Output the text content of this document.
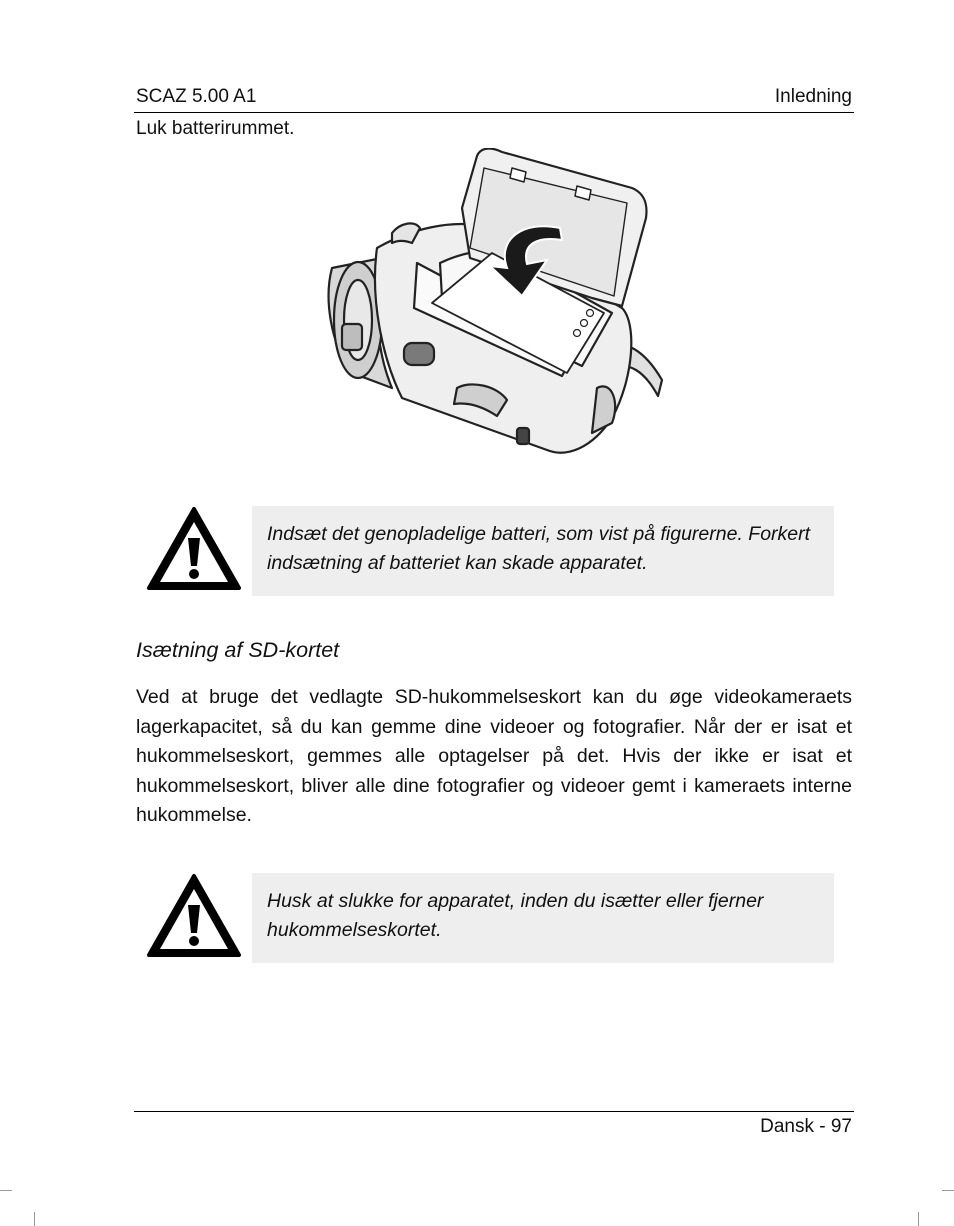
SCAZ 5.00 A1	Inledning
Luk batterirummet.

Indsæt det genopladelige batteri, som vist på figurerne. Forkert indsætning af batteriet kan skade apparatet.

Isætning af SD-kortet
Ved at bruge det vedlagte SD-hukommelseskort kan du øge videokameraets lagerkapacitet, så du kan gemme dine videoer og fotografier. Når der er isat et hukommelseskort, gemmes alle optagelser på det. Hvis der ikke er isat et hukommelseskort, bliver alle dine fotografier og videoer gemt i kameraets interne hukommelse.

Husk at slukke for apparatet, inden du isætter eller fjerner hukommelseskortet.

Dansk - 97
